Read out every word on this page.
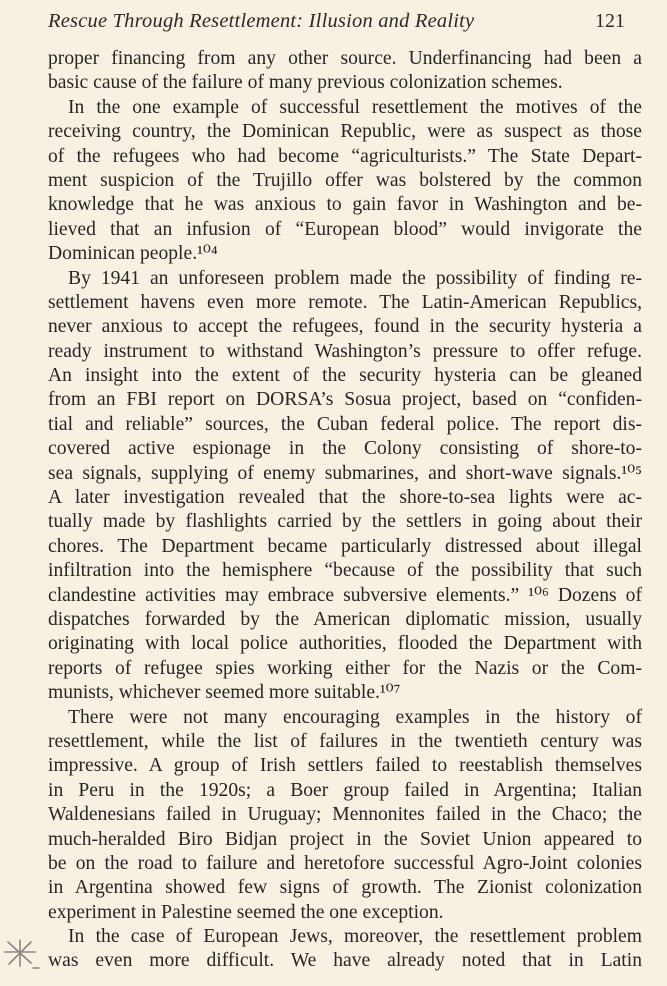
Rescue Through Resettlement: Illusion and Reality	121
proper financing from any other source. Underfinancing had been a
basic cause of the failure of many previous colonization schemes.
In the one example of successful resettlement the motives of the
receiving country, the Dominican Republic, were as suspect as those
of the refugees who had become “agriculturists.” The State Depart-
ment suspicion of the Trujillo offer was bolstered by the common
knowledge that he was anxious to gain favor in Washington and be-
lieved that an infusion of “European blood” would invigorate the
Dominican people.¹⁰⁴
By 1941 an unforeseen problem made the possibility of finding re-
settlement havens even more remote. The Latin-American Republics,
never anxious to accept the refugees, found in the security hysteria a
ready instrument to withstand Washington’s pressure to offer refuge.
An insight into the extent of the security hysteria can be gleaned
from an FBI report on DORSA’s Sosua project, based on “confiden-
tial and reliable” sources, the Cuban federal police. The report dis-
covered active espionage in the Colony consisting of shore-to-
sea signals, supplying of enemy submarines, and short-wave signals.¹⁰⁵
A later investigation revealed that the shore-to-sea lights were ac-
tually made by flashlights carried by the settlers in going about their
chores. The Department became particularly distressed about illegal
infiltration into the hemisphere “because of the possibility that such
clandestine activities may embrace subversive elements.” ¹⁰⁶ Dozens of
dispatches forwarded by the American diplomatic mission, usually
originating with local police authorities, flooded the Department with
reports of refugee spies working either for the Nazis or the Com-
munists, whichever seemed more suitable.¹⁰⁷
There were not many encouraging examples in the history of
resettlement, while the list of failures in the twentieth century was
impressive. A group of Irish settlers failed to reestablish themselves
in Peru in the 1920s; a Boer group failed in Argentina; Italian
Waldenesians failed in Uruguay; Mennonites failed in the Chaco; the
much-heralded Biro Bidjan project in the Soviet Union appeared to
be on the road to failure and heretofore successful Agro-Joint colonies
in Argentina showed few signs of growth. The Zionist colonization
experiment in Palestine seemed the one exception.
In the case of European Jews, moreover, the resettlement problem
was even more difficult. We have already noted that in Latin
